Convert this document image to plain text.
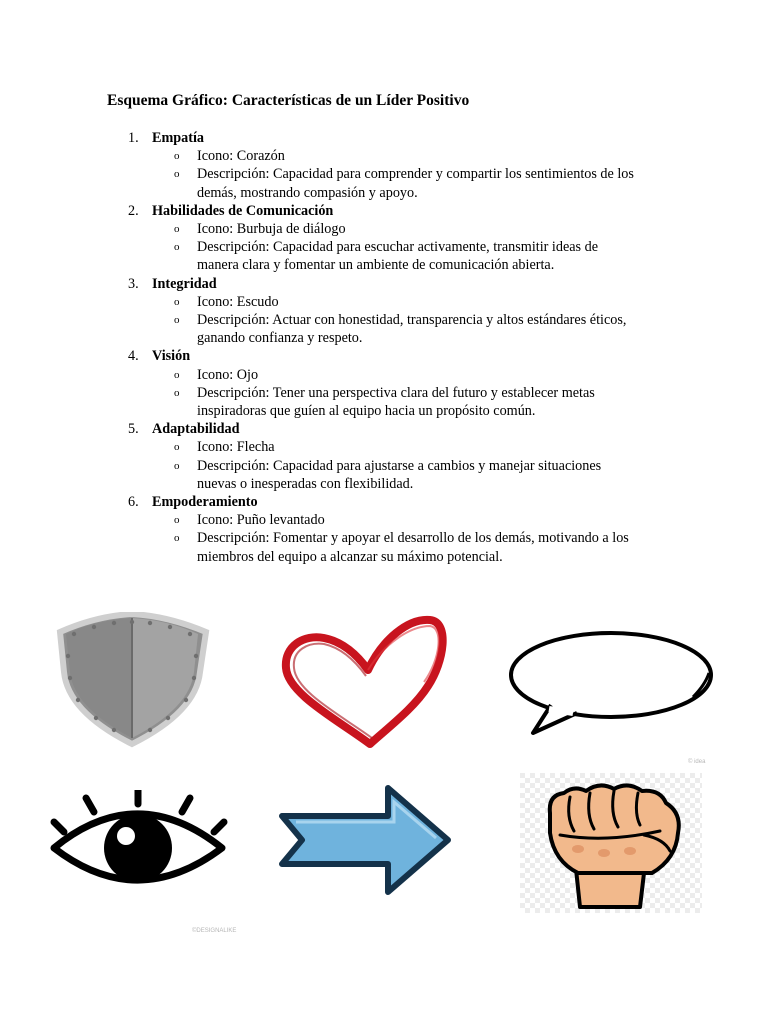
Esquema Gráfico: Características de un Líder Positivo
1. Empatía
o Icono: Corazón
o Descripción: Capacidad para comprender y compartir los sentimientos de los
demás, mostrando compasión y apoyo.
2. Habilidades de Comunicación
o Icono: Burbuja de diálogo
o Descripción: Capacidad para escuchar activamente, transmitir ideas de
manera clara y fomentar un ambiente de comunicación abierta.
3. Integridad
o Icono: Escudo
o Descripción: Actuar con honestidad, transparencia y altos estándares éticos,
ganando confianza y respeto.
4. Visión
o Icono: Ojo
o Descripción: Tener una perspectiva clara del futuro y establecer metas
inspiradoras que guíen al equipo hacia un propósito común.
5. Adaptabilidad
o Icono: Flecha
o Descripción: Capacidad para ajustarse a cambios y manejar situaciones
nuevas o inesperadas con flexibilidad.
6. Empoderamiento
o Icono: Puño levantado
o Descripción: Fomentar y apoyar el desarrollo de los demás, motivando a los
miembros del equipo a alcanzar su máximo potencial.
© idea
©DESIGNALIKE
